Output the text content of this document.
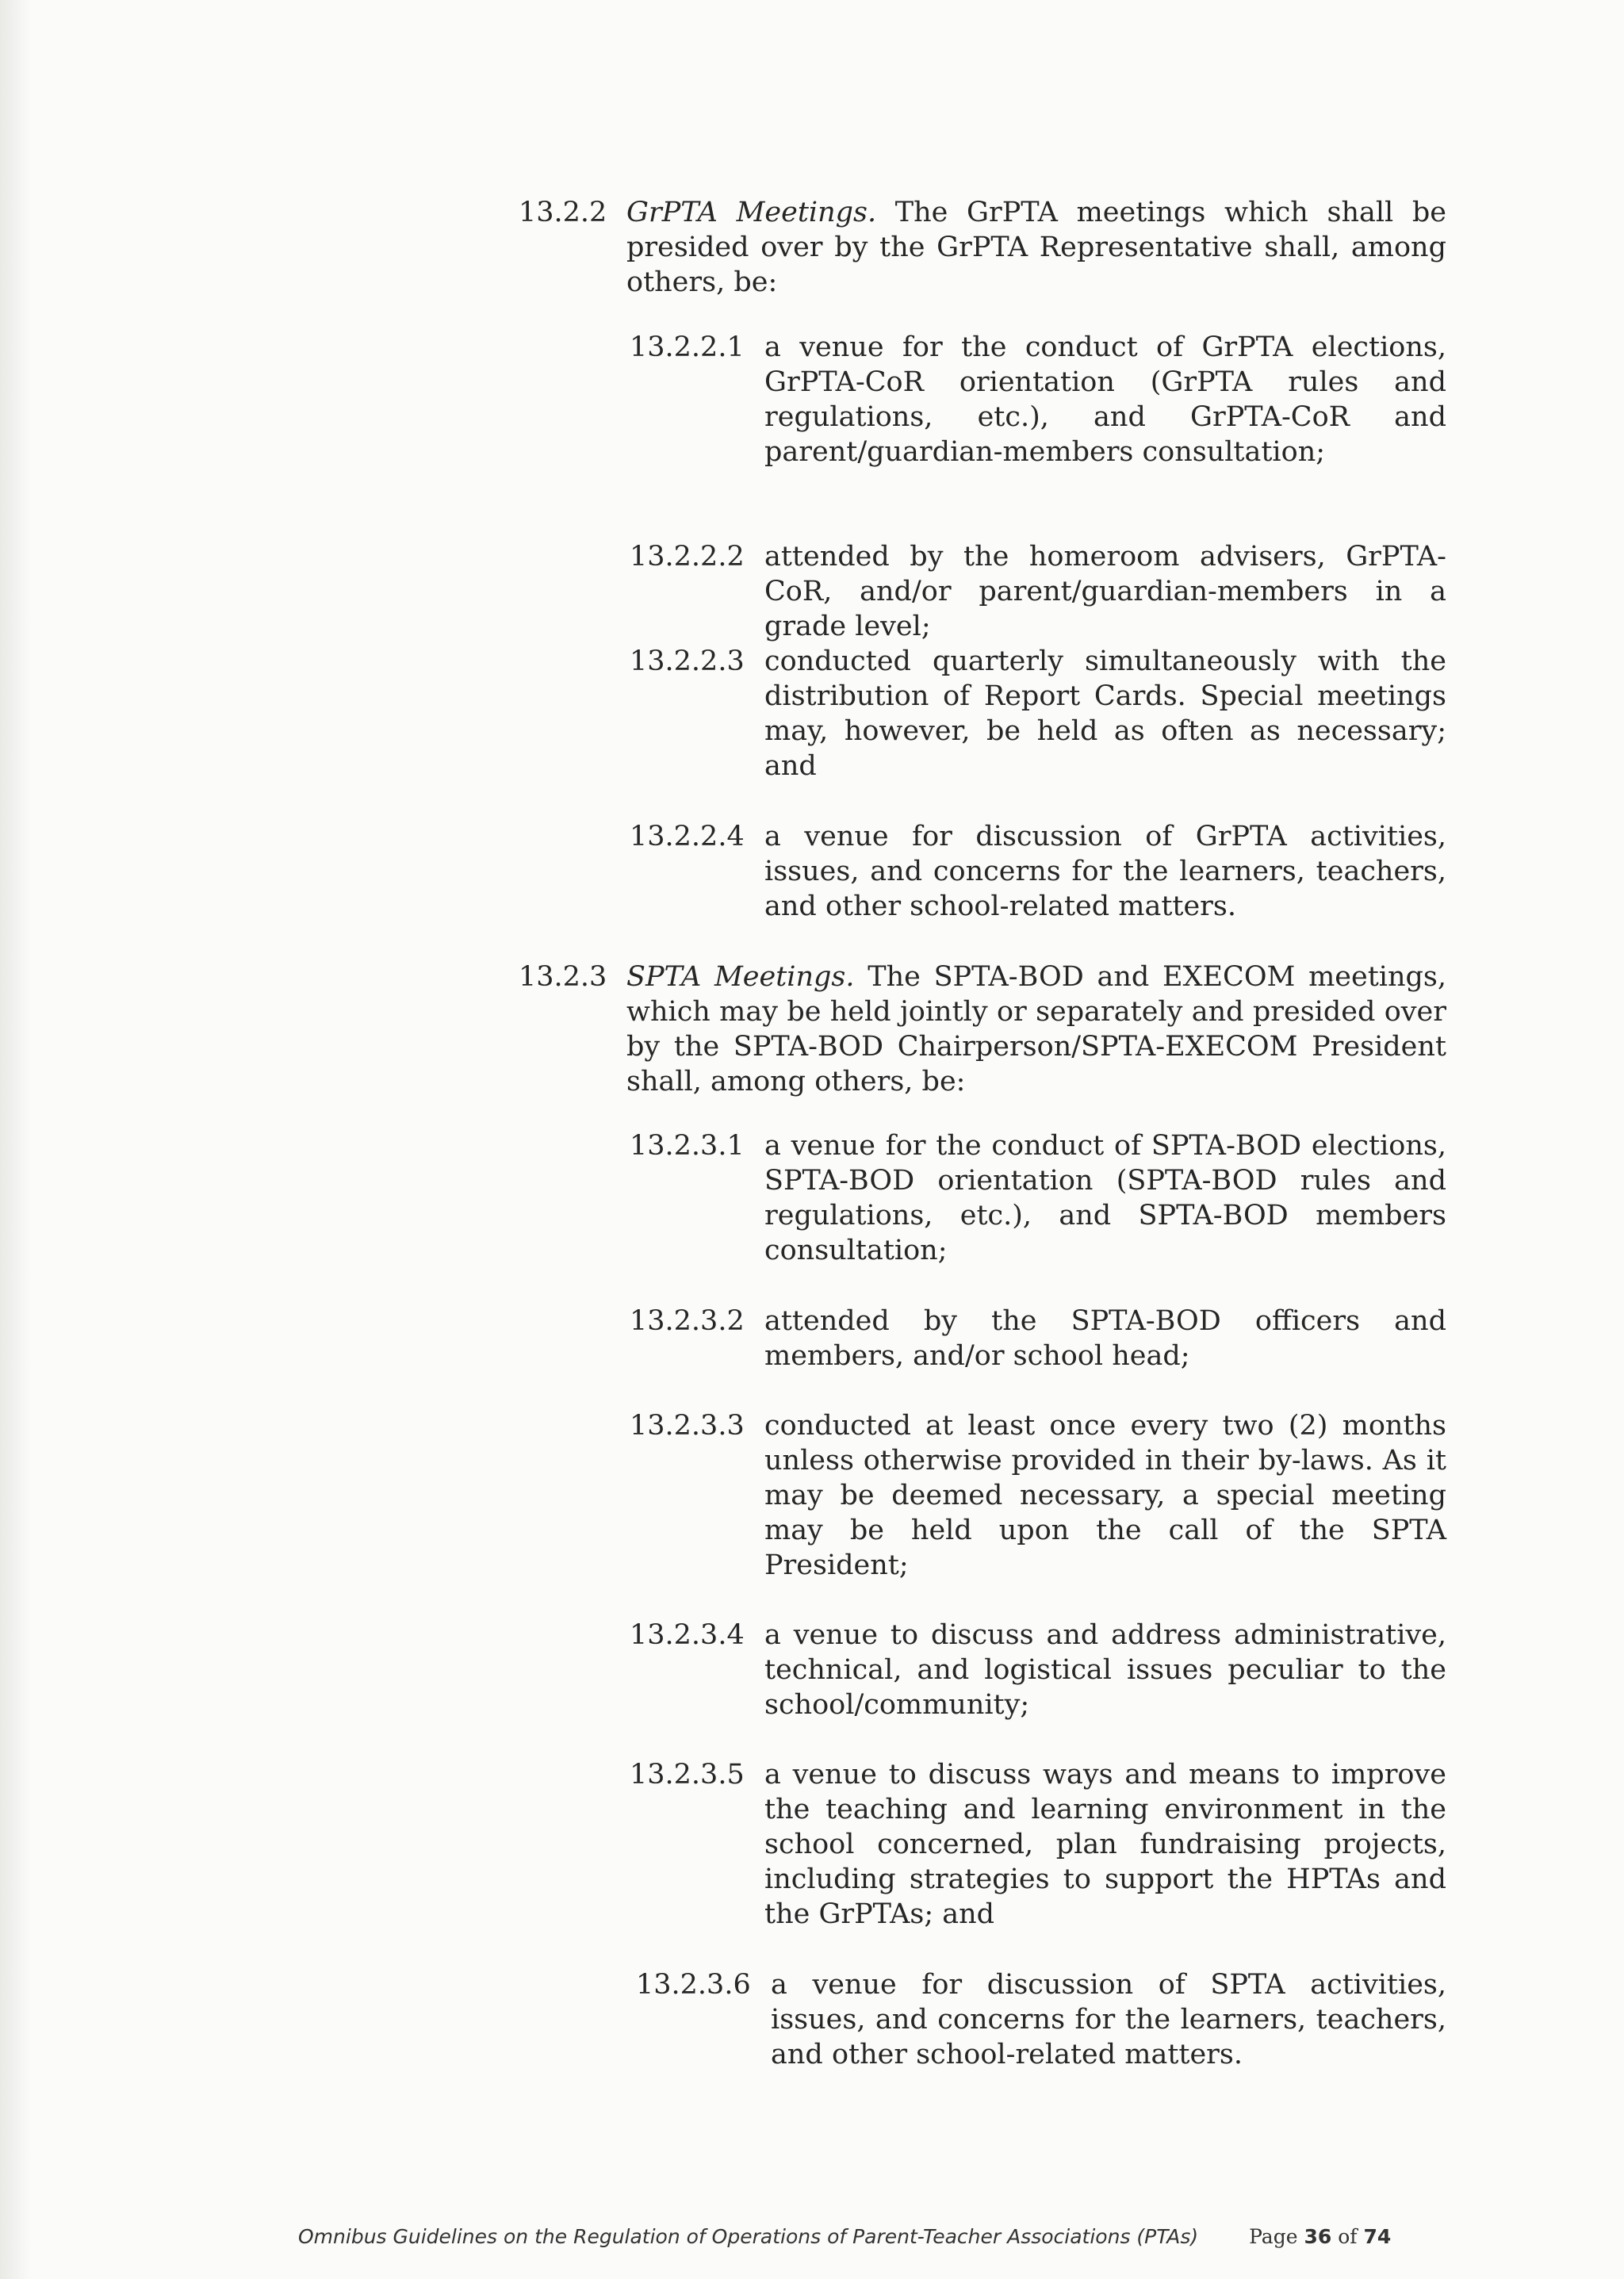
13.2.2 GrPTA Meetings. The GrPTA meetings which shall be presided over by the GrPTA Representative shall, among others, be:
13.2.2.1 a venue for the conduct of GrPTA elections, GrPTA-CoR orientation (GrPTA rules and regulations, etc.), and GrPTA-CoR and parent/guardian-members consultation;
13.2.2.2 attended by the homeroom advisers, GrPTA-CoR, and/or parent/guardian-members in a grade level;
13.2.2.3 conducted quarterly simultaneously with the distribution of Report Cards. Special meetings may, however, be held as often as necessary; and
13.2.2.4 a venue for discussion of GrPTA activities, issues, and concerns for the learners, teachers, and other school-related matters.
13.2.3 SPTA Meetings. The SPTA-BOD and EXECOM meetings, which may be held jointly or separately and presided over by the SPTA-BOD Chairperson/SPTA-EXECOM President shall, among others, be:
13.2.3.1 a venue for the conduct of SPTA-BOD elections, SPTA-BOD orientation (SPTA-BOD rules and regulations, etc.), and SPTA-BOD members consultation;
13.2.3.2 attended by the SPTA-BOD officers and members, and/or school head;
13.2.3.3 conducted at least once every two (2) months unless otherwise provided in their by-laws. As it may be deemed necessary, a special meeting may be held upon the call of the SPTA President;
13.2.3.4 a venue to discuss and address administrative, technical, and logistical issues peculiar to the school/community;
13.2.3.5 a venue to discuss ways and means to improve the teaching and learning environment in the school concerned, plan fundraising projects, including strategies to support the HPTAs and the GrPTAs; and
13.2.3.6 a venue for discussion of SPTA activities, issues, and concerns for the learners, teachers, and other school-related matters.
Omnibus Guidelines on the Regulation of Operations of Parent-Teacher Associations (PTAs)	Page 36 of 74
